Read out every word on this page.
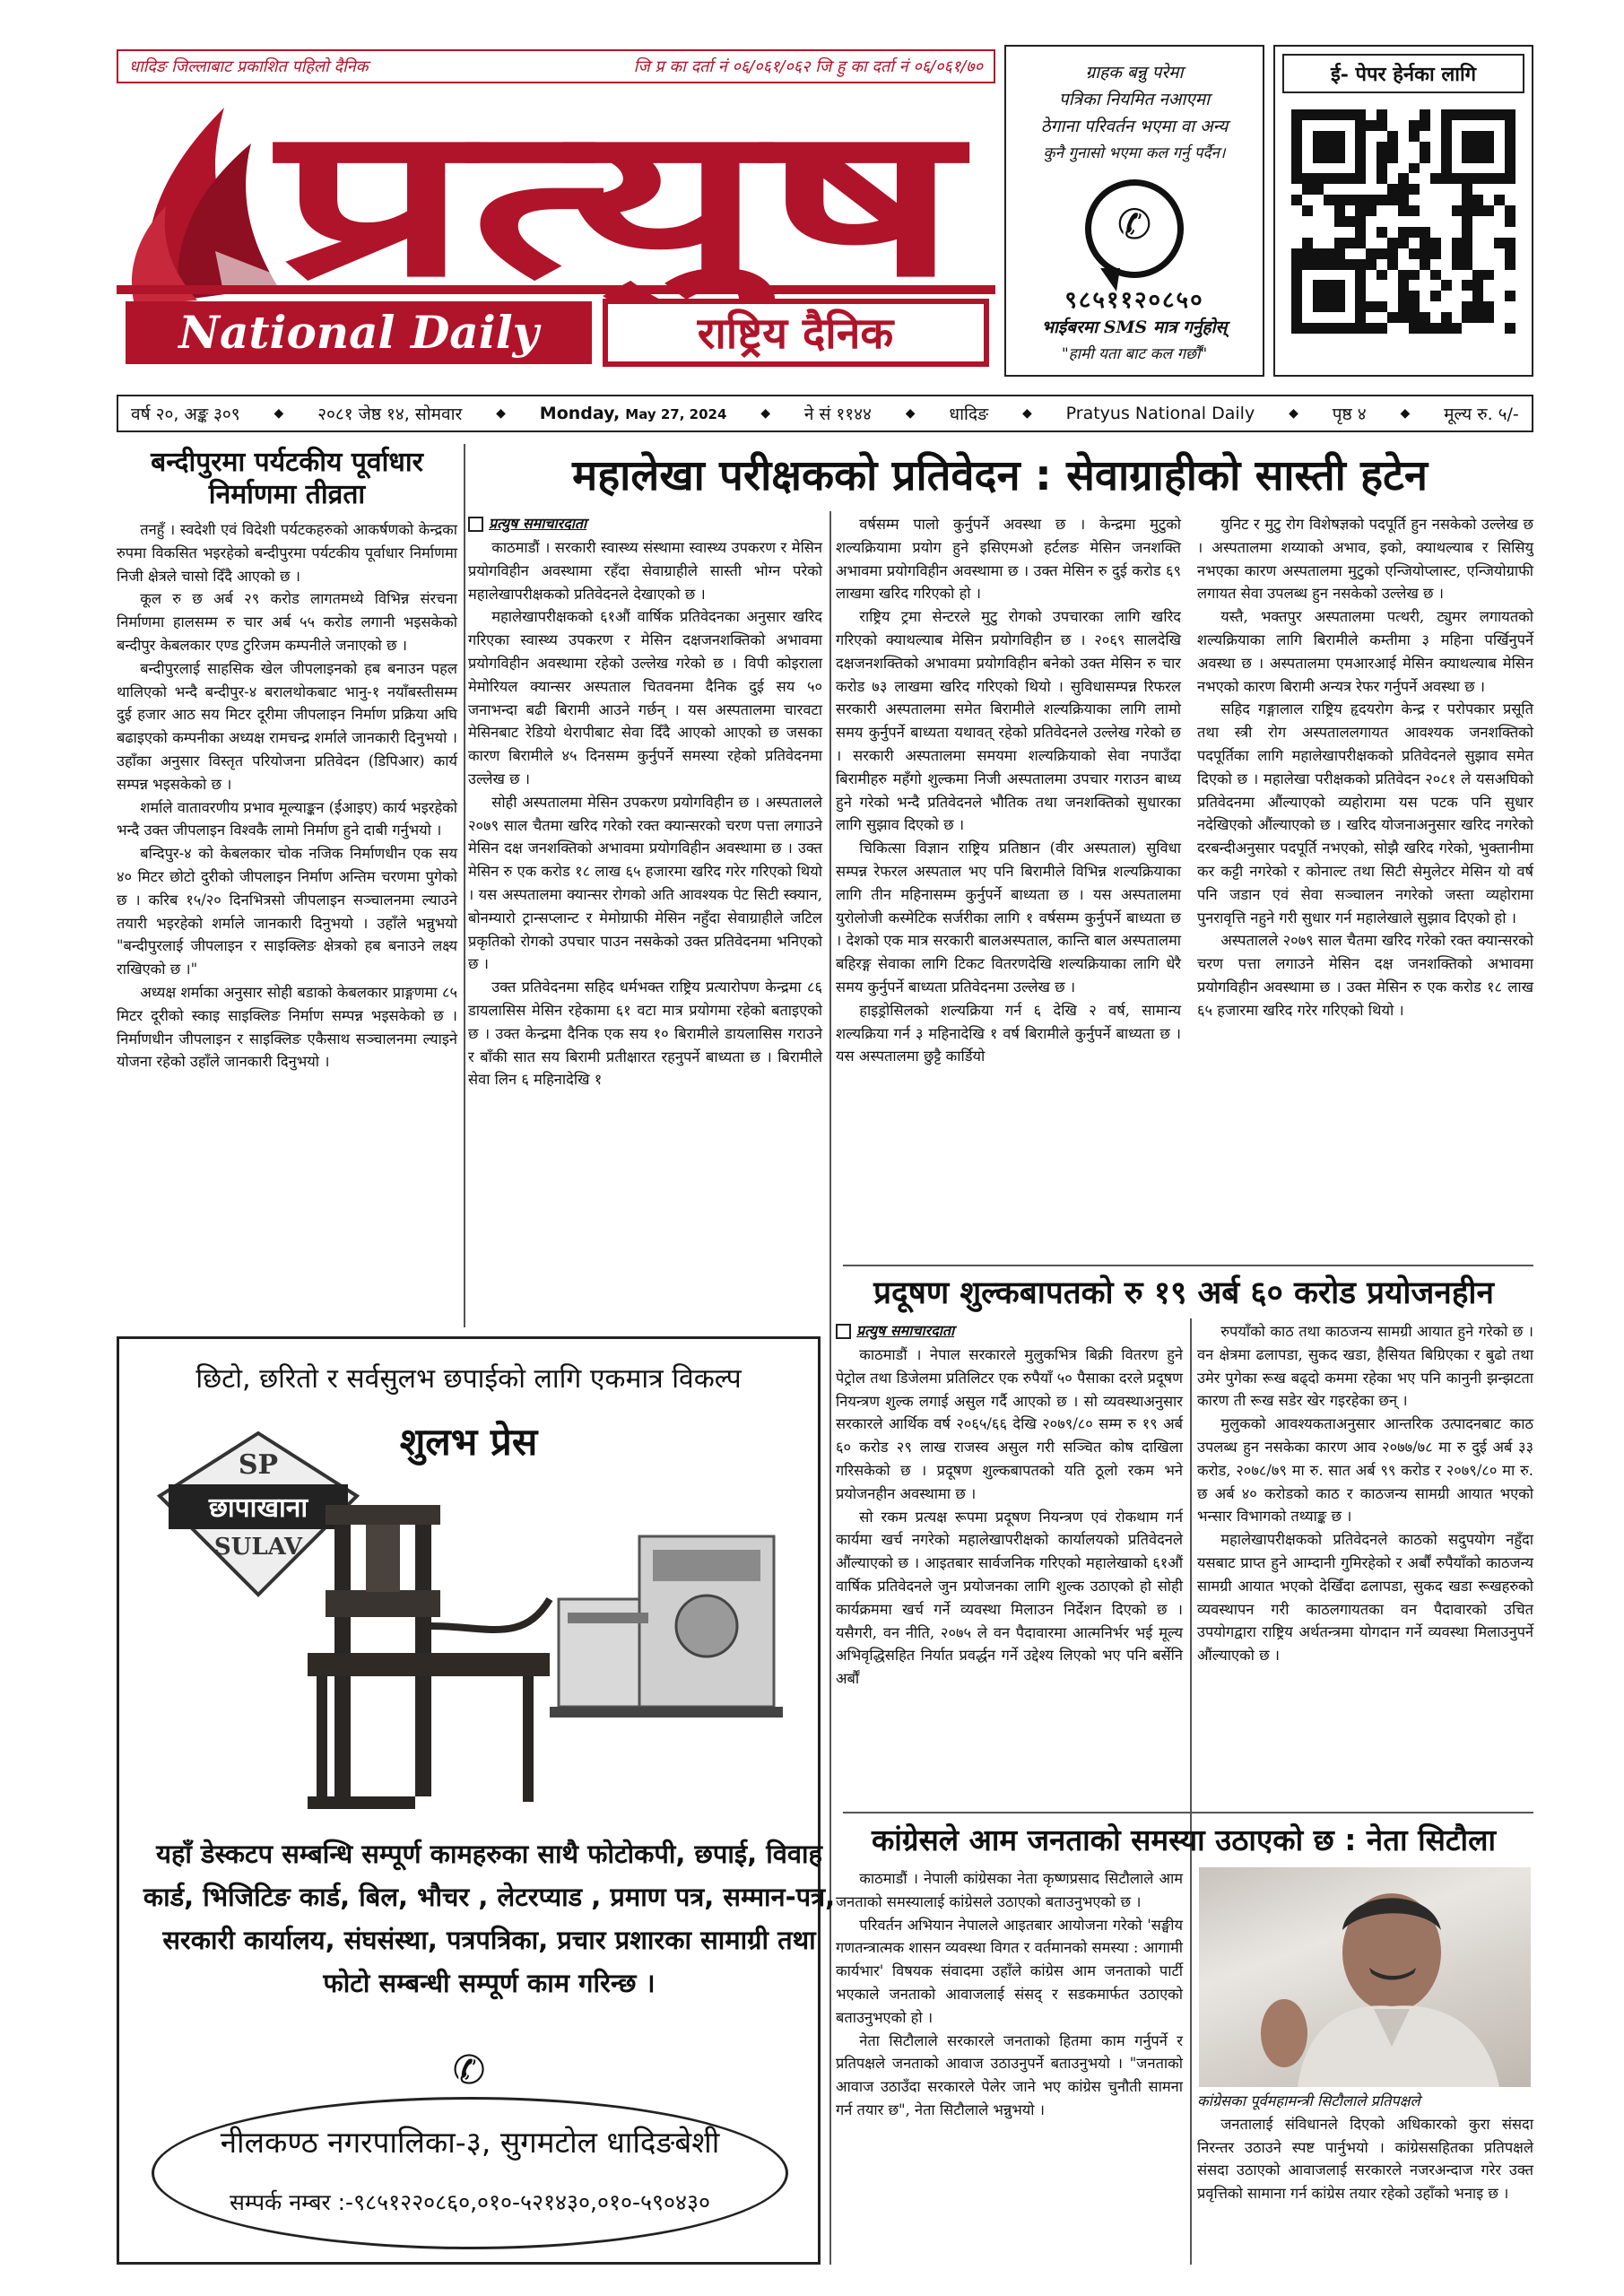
धादिङ जिल्लाबाट प्रकाशित पहिलो दैनिक	जि प्र का दर्ता नं ०६/०६१/०६२ जि हु का दर्ता नं ०६/०६१/७०
प्रत्युष
National Daily	राष्ट्रिय दैनिक
ग्राहक बन्नु परेमा
पत्रिका नियमित नआएमा
ठेगाना परिवर्तन भएमा वा अन्य
कुनै गुनासो भएमा कल गर्नु पर्दैन।
✆
९८५११२०८५०
भाईबरमा SMS मात्र गर्नुहोस्
"हामी यता बाट कल गर्छौं"
ई- पेपर हेर्नका लागि
वर्ष २०, अङ्क ३०९	◆ २०८१ जेष्ठ १४, सोमवार	◆ Monday, May 27, 2024	◆ ने सं ११४४	◆ धादिङ	◆ Pratyus National Daily	◆ पृष्ठ ४	◆ मूल्य रु. ५/-
बन्दीपुरमा पर्यटकीय पूर्वाधार निर्माणमा तीव्रता

तनहुँ । स्वदेशी एवं विदेशी पर्यटकहरुको आकर्षणको केन्द्रका रुपमा विकसित भइरहेको बन्दीपुरमा पर्यटकीय पूर्वाधार निर्माणमा निजी क्षेत्रले चासो दिँदै आएको छ ।

कूल रु छ अर्ब २९ करोड लागतमध्ये विभिन्न संरचना निर्माणमा हालसम्म रु चार अर्ब ५५ करोड लगानी भइसकेको बन्दीपुर केबलकार एण्ड टुरिजम कम्पनीले जनाएको छ ।

बन्दीपुरलाई साहसिक खेल जीपलाइनको हब बनाउन पहल थालिएको भन्दै बन्दीपुर-४ बरालथोकबाट भानु-१ नयाँबस्तीसम्म दुई हजार आठ सय मिटर दूरीमा जीपलाइन निर्माण प्रक्रिया अघि बढाइएको कम्पनीका अध्यक्ष रामचन्द्र शर्माले जानकारी दिनुभयो । उहाँका अनुसार विस्तृत परियोजना प्रतिवेदन (डिपिआर) कार्य सम्पन्न भइसकेको छ ।

शर्माले वातावरणीय प्रभाव मूल्याङ्कन (ईआइए) कार्य भइरहेको भन्दै उक्त जीपलाइन विश्वकै लामो निर्माण हुने दाबी गर्नुभयो ।

बन्दिपुर-४ को केबलकार चोक नजिक निर्माणधीन एक सय ४० मिटर छोटो दुरीको जीपलाइन निर्माण अन्तिम चरणमा पुगेको छ । करिब १५/२० दिनभित्रसो जीपलाइन सञ्चालनमा ल्याउने तयारी भइरहेको शर्माले जानकारी दिनुभयो । उहाँले भन्नुभयो "बन्दीपुरलाई जीपलाइन र साइक्लिङ क्षेत्रको हब बनाउने लक्ष्य राखिएको छ ।"

अध्यक्ष शर्माका अनुसार सोही बडाको केबलकार प्राङ्गणमा ८५ मिटर दूरीको स्काइ साइक्लिङ निर्माण सम्पन्न भइसकेको छ । निर्माणधीन जीपलाइन र साइक्लिङ एकैसाथ सञ्चालनमा ल्याइने योजना रहेको उहाँले जानकारी दिनुभयो ।

महालेखा परीक्षकको प्रतिवेदन : सेवाग्राहीको सास्ती हटेन
प्रत्युष समाचारदाता

काठमाडौं । सरकारी स्वास्थ्य संस्थामा स्वास्थ्य उपकरण र मेसिन प्रयोगविहीन अवस्थामा रहँदा सेवाग्राहीले सास्ती भोग्न परेको महालेखापरीक्षकको प्रतिवेदनले देखाएको छ ।

महालेखापरीक्षकको ६१औं वार्षिक प्रतिवेदनका अनुसार खरिद गरिएका स्वास्थ्य उपकरण र मेसिन दक्षजनशक्तिको अभावमा प्रयोगविहीन अवस्थामा रहेको उल्लेख गरेको छ । विपी कोइराला मेमोरियल क्यान्सर अस्पताल चितवनमा दैनिक दुई सय ५० जनाभन्दा बढी बिरामी आउने गर्छन् । यस अस्पतालमा चारवटा मेसिनबाट रेडियो थेरापीबाट सेवा दिँदै आएको आएको छ जसका कारण बिरामीले ४५ दिनसम्म कुर्नुपर्ने समस्या रहेको प्रतिवेदनमा उल्लेख छ ।

सोही अस्पतालमा मेसिन उपकरण प्रयोगविहीन छ । अस्पतालले २०७९ साल चैतमा खरिद गरेको रक्त क्यान्सरको चरण पत्ता लगाउने मेसिन दक्ष जनशक्तिको अभावमा प्रयोगविहीन अवस्थामा छ । उक्त मेसिन रु एक करोड १८ लाख ६५ हजारमा खरिद गरेर गरिएको थियो । यस अस्पतालमा क्यान्सर रोगको अति आवश्यक पेट सिटी स्क्यान, बोनम्यारो ट्रान्सप्लान्ट र मेमोग्राफी मेसिन नहुँदा सेवाग्राहीले जटिल प्रकृतिको रोगको उपचार पाउन नसकेको उक्त प्रतिवेदनमा भनिएको छ ।

उक्त प्रतिवेदनमा सहिद धर्मभक्त राष्ट्रिय प्रत्यारोपण केन्द्रमा ८६ डायलासिस मेसिन रहेकामा ६१ वटा मात्र प्रयोगमा रहेको बताइएको छ । उक्त केन्द्रमा दैनिक एक सय १० बिरामीले डायलासिस गराउने र बाँकी सात सय बिरामी प्रतीक्षारत रहनुपर्ने बाध्यता छ । बिरामीले सेवा लिन ६ महिनादेखि १

वर्षसम्म पालो कुर्नुपर्ने अवस्था छ । केन्द्रमा मुटुको शल्यक्रियामा प्रयोग हुने इसिएमओ हर्टलङ मेसिन जनशक्ति अभावमा प्रयोगविहीन अवस्थामा छ । उक्त मेसिन रु दुई करोड ६९ लाखमा खरिद गरिएको हो ।

राष्ट्रिय ट्रमा सेन्टरले मुटु रोगको उपचारका लागि खरिद गरिएको क्याथल्याब मेसिन प्रयोगविहीन छ । २०६९ सालदेखि दक्षजनशक्तिको अभावमा प्रयोगविहीन बनेको उक्त मेसिन रु चार करोड ७३ लाखमा खरिद गरिएको थियो । सुविधासम्पन्न रिफरल सरकारी अस्पतालमा समेत बिरामीले शल्यक्रियाका लागि लामो समय कुर्नुपर्ने बाध्यता यथावत् रहेको प्रतिवेदनले उल्लेख गरेको छ । सरकारी अस्पतालमा समयमा शल्यक्रियाको सेवा नपाउँदा बिरामीहरु महँगो शुल्कमा निजी अस्पतालमा उपचार गराउन बाध्य हुने गरेको भन्दै प्रतिवेदनले भौतिक तथा जनशक्तिको सुधारका लागि सुझाव दिएको छ ।

चिकित्सा विज्ञान राष्ट्रिय प्रतिष्ठान (वीर अस्पताल) सुविधा सम्पन्न रेफरल अस्पताल भए पनि बिरामीले विभिन्न शल्यक्रियाका लागि तीन महिनासम्म कुर्नुपर्ने बाध्यता छ । यस अस्पतालमा युरोलोजी कस्मेटिक सर्जरीका लागि १ वर्षसम्म कुर्नुपर्ने बाध्यता छ । देशको एक मात्र सरकारी बालअस्पताल, कान्ति बाल अस्पतालमा बहिरङ्ग सेवाका लागि टिकट वितरणदेखि शल्यक्रियाका लागि धेरै समय कुर्नुपर्ने बाध्यता प्रतिवेदनमा उल्लेख छ ।

हाइड्रोसिलको शल्यक्रिया गर्न ६ देखि २ वर्ष, सामान्य शल्यक्रिया गर्न ३ महिनादेखि १ वर्ष बिरामीले कुर्नुपर्ने बाध्यता छ । यस अस्पतालमा छुट्टै कार्डियो

युनिट र मुटु रोग विशेषज्ञको पदपूर्ति हुन नसकेको उल्लेख छ । अस्पतालमा शय्याको अभाव, इको, क्याथल्याब र सिसियु नभएका कारण अस्पतालमा मुटुको एन्जियोप्लास्ट, एन्जियोग्राफी लगायत सेवा उपलब्ध हुन नसकेको उल्लेख छ ।

यस्तै, भक्तपुर अस्पतालमा पत्थरी, ट्युमर लगायतको शल्यक्रियाका लागि बिरामीले कम्तीमा ३ महिना पर्खिनुपर्ने अवस्था छ । अस्पतालमा एमआरआई मेसिन क्याथल्याब मेसिन नभएको कारण बिरामी अन्यत्र रेफर गर्नुपर्ने अवस्था छ ।

सहिद गङ्गालाल राष्ट्रिय हृदयरोग केन्द्र र परोपकार प्रसूति तथा स्त्री रोग अस्पताललगायत आवश्यक जनशक्तिको पदपूर्तिका लागि महालेखापरीक्षकको प्रतिवेदनले सुझाव समेत दिएको छ । महालेखा परीक्षकको प्रतिवेदन २०८१ ले यसअघिको प्रतिवेदनमा औंल्याएको व्यहोरामा यस पटक पनि सुधार नदेखिएको औंल्याएको छ । खरिद योजनाअनुसार खरिद नगरेको दरबन्दीअनुसार पदपूर्ति नभएको, सोझै खरिद गरेको, भुक्तानीमा कर कट्टी नगरेको र कोनाल्ट तथा सिटी सेमुलेटर मेसिन यो वर्ष पनि जडान एवं सेवा सञ्चालन नगरेको जस्ता व्यहोरामा पुनरावृत्ति नहुने गरी सुधार गर्न महालेखाले सुझाव दिएको हो ।

अस्पतालले २०७९ साल चैतमा खरिद गरेको रक्त क्यान्सरको चरण पत्ता लगाउने मेसिन दक्ष जनशक्तिको अभावमा प्रयोगविहीन अवस्थामा छ । उक्त मेसिन रु एक करोड १८ लाख ६५ हजारमा खरिद गरेर गरिएको थियो ।

प्रदूषण शुल्कबापतको रु १९ अर्ब ६० करोड प्रयोजनहीन
प्रत्युष समाचारदाता

काठमाडौं । नेपाल सरकारले मुलुकभित्र बिक्री वितरण हुने पेट्रोल तथा डिजेलमा प्रतिलिटर एक रुपैयाँ ५० पैसाका दरले प्रदूषण नियन्त्रण शुल्क लगाई असुल गर्दै आएको छ । सो व्यवस्थाअनुसार सरकारले आर्थिक वर्ष २०६५/६६ देखि २०७९/८० सम्म रु १९ अर्ब ६० करोड २९ लाख राजस्व असुल गरी सञ्चित कोष दाखिला गरिसकेको छ । प्रदूषण शुल्कबापतको यति ठूलो रकम भने प्रयोजनहीन अवस्थामा छ ।

सो रकम प्रत्यक्ष रूपमा प्रदूषण नियन्त्रण एवं रोकथाम गर्न कार्यमा खर्च नगरेको महालेखापरीक्षको कार्यालयको प्रतिवेदनले औंल्याएको छ । आइतबार सार्वजनिक गरिएको महालेखाको ६१औं वार्षिक प्रतिवेदनले जुन प्रयोजनका लागि शुल्क उठाएको हो सोही कार्यक्रममा खर्च गर्ने व्यवस्था मिलाउन निर्देशन दिएको छ । यसैगरी, वन नीति, २०७५ ले वन पैदावारमा आत्मनिर्भर भई मूल्य अभिवृद्धिसहित निर्यात प्रवर्द्धन गर्ने उद्देश्य लिएको भए पनि बर्सेनि अर्बौं

रुपयाँको काठ तथा काठजन्य सामग्री आयात हुने गरेको छ । वन क्षेत्रमा ढलापडा, सुकद खडा, हैसियत बिग्रिएका र बुढो तथा उमेर पुगेका रूख बढ्दो कममा रहेका भए पनि कानुनी झन्झटता कारण ती रूख सडेर खेर गइरहेका छन् ।

मुलुकको आवश्यकताअनुसार आन्तरिक उत्पादनबाट काठ उपलब्ध हुन नसकेका कारण आव २०७७/७८ मा रु दुई अर्ब ३३ करोड, २०७८/७९ मा रु. सात अर्ब ९९ करोड र २०७९/८० मा रु. छ अर्ब ४० करोडको काठ र काठजन्य सामग्री आयात भएको भन्सार विभागको तथ्याङ्क छ ।

महालेखापरीक्षकको प्रतिवेदनले काठको सदुपयोग नहुँदा यसबाट प्राप्त हुने आम्दानी गुमिरहेको र अर्बौं रुपैयाँको काठजन्य सामग्री आयात भएको देखिँदा ढलापडा, सुकद खडा रूखहरुको व्यवस्थापन गरी काठलगायतका वन पैदावारको उचित उपयोगद्वारा राष्ट्रिय अर्थतन्त्रमा योगदान गर्ने व्यवस्था मिलाउनुपर्ने औंल्याएको छ ।

कांग्रेसले आम जनताको समस्या उठाएको छ : नेता सिटौला

काठमाडौं । नेपाली कांग्रेसका नेता कृष्णप्रसाद सिटौलाले आम जनताको समस्यालाई कांग्रेसले उठाएको बताउनुभएको छ ।

परिवर्तन अभियान नेपालले आइतबार आयोजना गरेको 'सङ्घीय गणतन्त्रात्मक शासन व्यवस्था विगत र वर्तमानको समस्या : आगामी कार्यभार' विषयक संवादमा उहाँले कांग्रेस आम जनताको पार्टी भएकाले जनताको आवाजलाई संसद् र सडकमार्फत उठाएको बताउनुभएको हो ।

नेता सिटौलाले सरकारले जनताको हितमा काम गर्नुपर्ने र प्रतिपक्षले जनताको आवाज उठाउनुपर्ने बताउनुभयो । "जनताको आवाज उठाउँदा सरकारले पेलेर जाने भए कांग्रेस चुनौती सामना गर्न तयार छ", नेता सिटौलाले भन्नुभयो ।

कांग्रेसका पूर्वमहामन्त्री सिटौलाले प्रतिपक्षले

जनतालाई संविधानले दिएको अधिकारको कुरा संसदा निरन्तर उठाउने स्पष्ट पार्नुभयो । कांग्रेससहितका प्रतिपक्षले संसदा उठाएको आवाजलाई सरकारले नजरअन्दाज गरेर उक्त प्रवृत्तिको सामाना गर्न कांग्रेस तयार रहेको उहाँको भनाइ छ ।

छिटो, छरितो र सर्वसुलभ छपाईको लागि एकमात्र विकल्प
शुलभ प्रेस
SP
छापाखाना
SULAV
यहाँ डेस्कटप सम्बन्धि सम्पूर्ण कामहरुका साथै फोटोकपी, छपाई, विवाह कार्ड, भिजिटिङ कार्ड, बिल, भौचर , लेटरप्याड , प्रमाण पत्र, सम्मान-पत्र, सरकारी कार्यालय, संघसंस्था, पत्रपत्रिका, प्रचार प्रशारका सामाग्री तथा फोटो सम्बन्धी सम्पूर्ण काम गरिन्छ ।
✆
नीलकण्ठ नगरपालिका-३, सुगमटोल धादिङबेशी
सम्पर्क नम्बर :-९८५१२२०८६०,०१०-५२१४३०,०१०-५९०४३०
